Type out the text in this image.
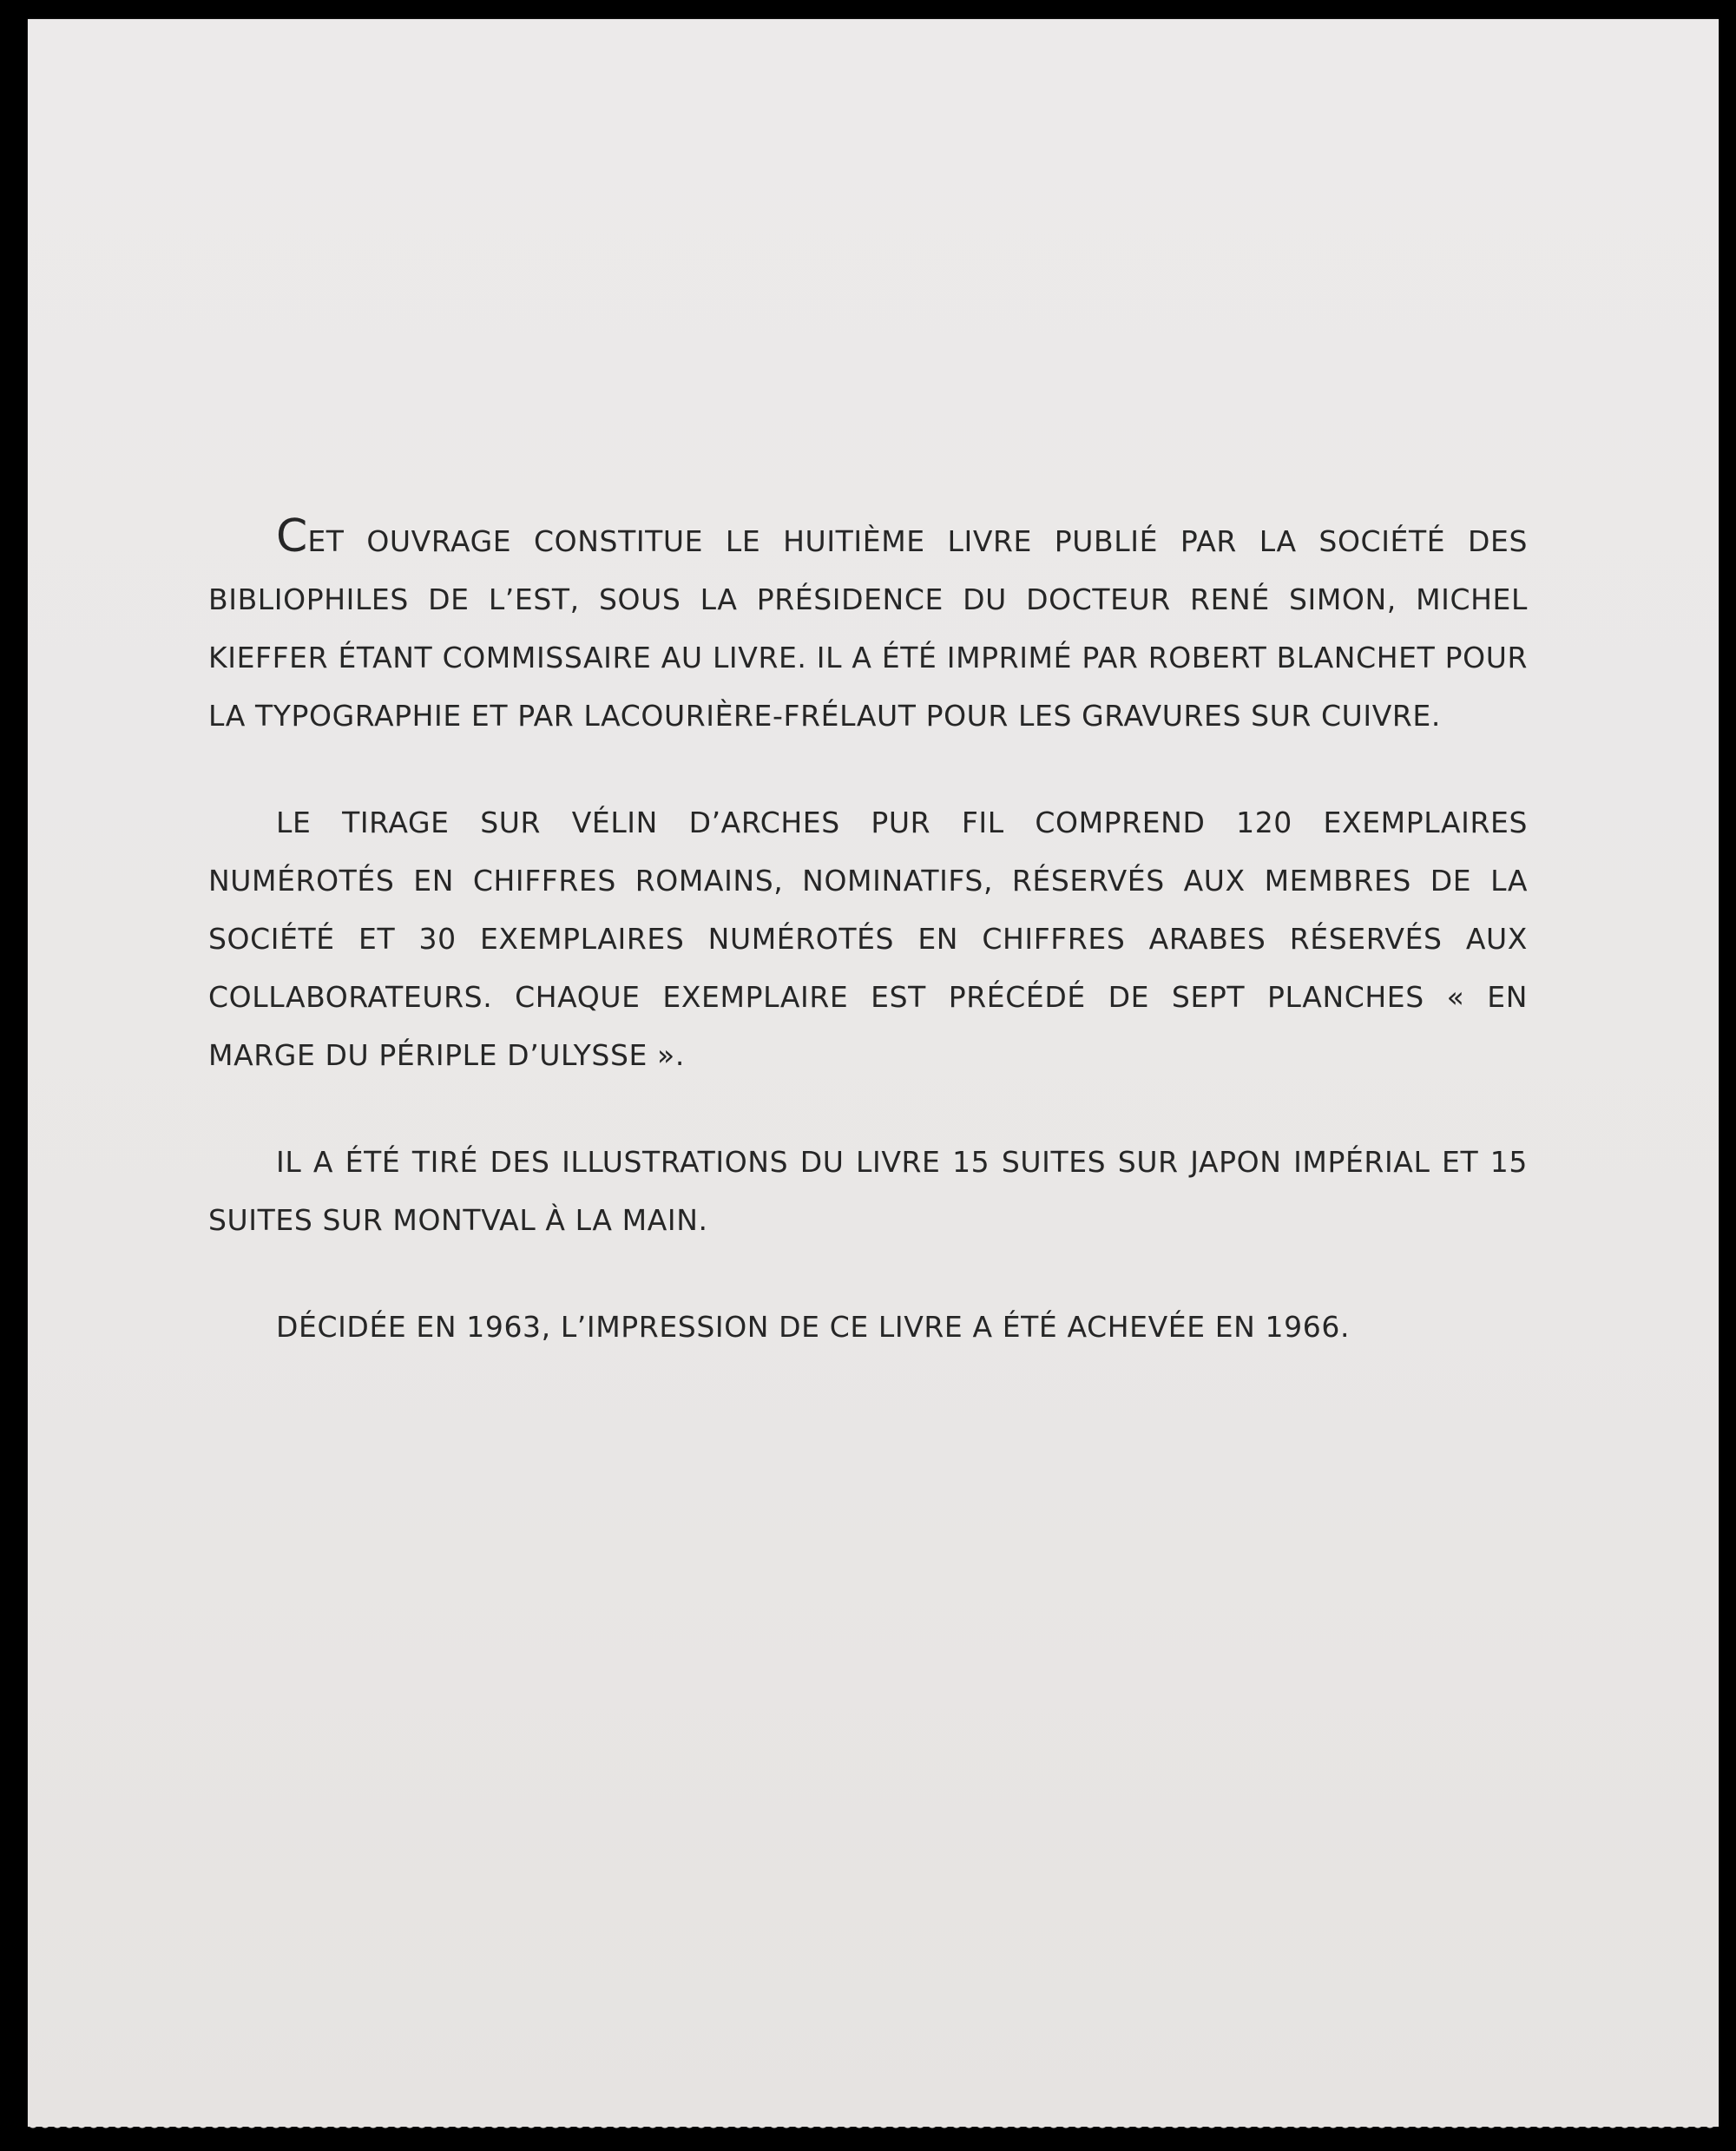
CET OUVRAGE CONSTITUE LE HUITIÈME LIVRE PUBLIÉ PAR LA SOCIÉTÉ DES BIBLIOPHILES DE L’EST, SOUS LA PRÉSIDENCE DU DOCTEUR RENÉ SIMON, MICHEL KIEFFER ÉTANT COMMISSAIRE AU LIVRE. IL A ÉTÉ IMPRIMÉ PAR ROBERT BLANCHET POUR LA TYPOGRAPHIE ET PAR LACOURIÈRE-FRÉLAUT POUR LES GRAVURES SUR CUIVRE.

LE TIRAGE SUR VÉLIN D’ARCHES PUR FIL COMPREND 120 EXEMPLAIRES NUMÉROTÉS EN CHIFFRES ROMAINS, NOMINATIFS, RÉSERVÉS AUX MEMBRES DE LA SOCIÉTÉ ET 30 EXEMPLAIRES NUMÉROTÉS EN CHIFFRES ARABES RÉSERVÉS AUX COLLABORATEURS. CHAQUE EXEMPLAIRE EST PRÉCÉDÉ DE SEPT PLANCHES « EN MARGE DU PÉRIPLE D’ULYSSE ».

IL A ÉTÉ TIRÉ DES ILLUSTRATIONS DU LIVRE 15 SUITES SUR JAPON IMPÉRIAL ET 15 SUITES SUR MONTVAL À LA MAIN.

DÉCIDÉE EN 1963, L’IMPRESSION DE CE LIVRE A ÉTÉ ACHEVÉE EN 1966.
